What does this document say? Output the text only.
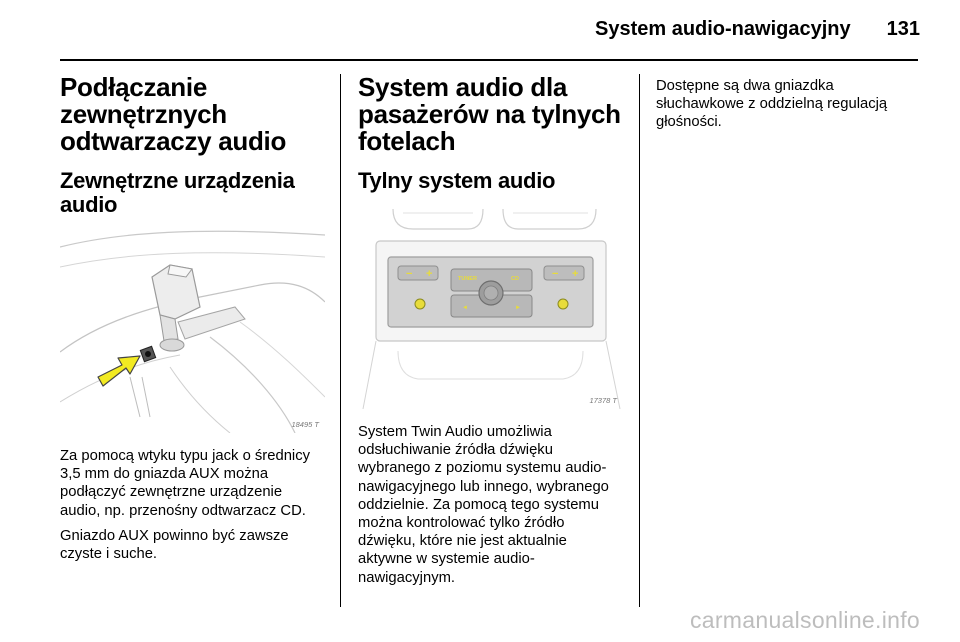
System audio-nawigacyjny 131
Podłączanie zewnętrznych odtwarzaczy audio
Zewnętrzne urządzenia audio
18495 T

Za pomocą wtyku typu jack o średnicy 3,5 mm do gniazda AUX można podłączyć zewnętrzne urządzenie audio, np. przenośny odtwarzacz CD.

Gniazdo AUX powinno być zawsze czyste i suche.

System audio dla pasażerów na tylnych fotelach
Tylny system audio
− +	TUNER	CD
◄	►
− +
17378 T

System Twin Audio umożliwia odsłuchiwanie źródła dźwięku wybranego z poziomu systemu audio-nawigacyjnego lub innego, wybranego oddzielnie. Za pomocą tego systemu można kontrolować tylko źródło dźwięku, które nie jest aktualnie aktywne w systemie audio-nawigacyjnym.

Dostępne są dwa gniazdka słuchawkowe z oddzielną regulacją głośności.

carmanualsonline.info
